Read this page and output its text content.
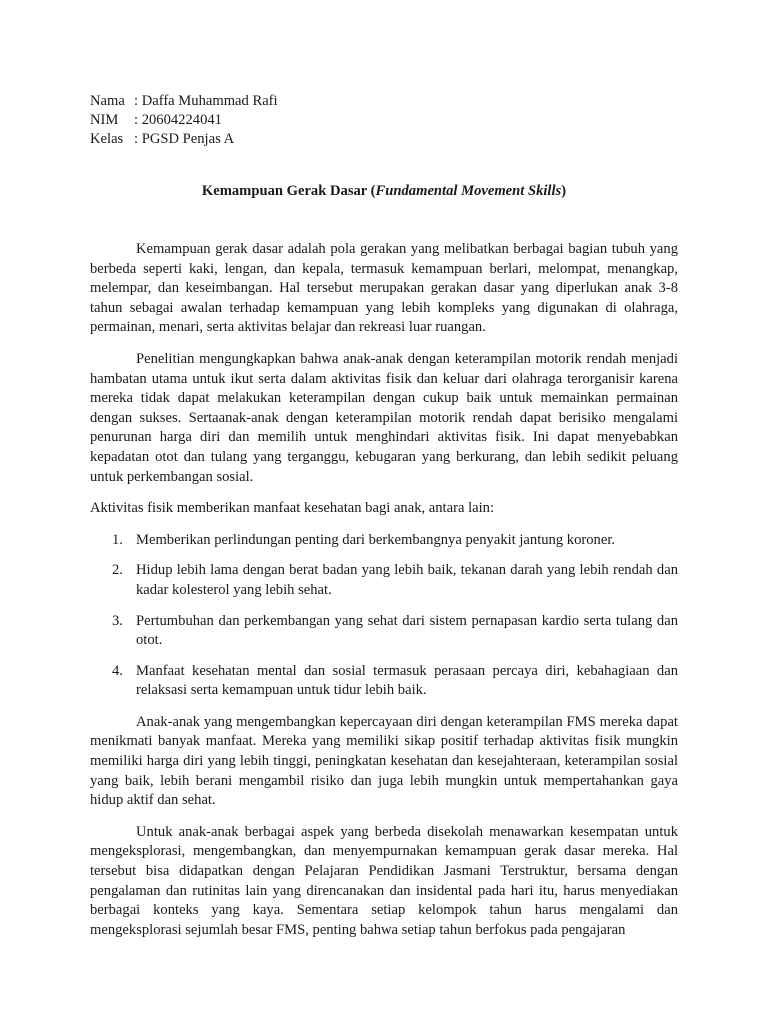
Nama : Daffa Muhammad Rafi
NIM	: 20604224041
Kelas : PGSD Penjas A
Kemampuan Gerak Dasar (Fundamental Movement Skills)

Kemampuan gerak dasar adalah pola gerakan yang melibatkan berbagai bagian tubuh yang berbeda seperti kaki, lengan, dan kepala, termasuk kemampuan berlari, melompat, menangkap, melempar, dan keseimbangan. Hal tersebut merupakan gerakan dasar yang diperlukan anak 3-8 tahun sebagai awalan terhadap kemampuan yang lebih kompleks yang digunakan di olahraga, permainan, menari, serta aktivitas belajar dan rekreasi luar ruangan.

Penelitian mengungkapkan bahwa anak-anak dengan keterampilan motorik rendah menjadi hambatan utama untuk ikut serta dalam aktivitas fisik dan keluar dari olahraga terorganisir karena mereka tidak dapat melakukan keterampilan dengan cukup baik untuk memainkan permainan dengan sukses. Sertaanak-anak dengan keterampilan motorik rendah dapat berisiko mengalami penurunan harga diri dan memilih untuk menghindari aktivitas fisik. Ini dapat menyebabkan kepadatan otot dan tulang yang terganggu, kebugaran yang berkurang, dan lebih sedikit peluang untuk perkembangan sosial.

Aktivitas fisik memberikan manfaat kesehatan bagi anak, antara lain:

1. Memberikan perlindungan penting dari berkembangnya penyakit jantung koroner.
2. Hidup lebih lama dengan berat badan yang lebih baik, tekanan darah yang lebih rendah dan kadar kolesterol yang lebih sehat.
3. Pertumbuhan dan perkembangan yang sehat dari sistem pernapasan kardio serta tulang dan otot.
4. Manfaat kesehatan mental dan sosial termasuk perasaan percaya diri, kebahagiaan dan relaksasi serta kemampuan untuk tidur lebih baik.

Anak-anak yang mengembangkan kepercayaan diri dengan keterampilan FMS mereka dapat menikmati banyak manfaat. Mereka yang memiliki sikap positif terhadap aktivitas fisik mungkin memiliki harga diri yang lebih tinggi, peningkatan kesehatan dan kesejahteraan, keterampilan sosial yang baik, lebih berani mengambil risiko dan juga lebih mungkin untuk mempertahankan gaya hidup aktif dan sehat.

Untuk anak-anak berbagai aspek yang berbeda disekolah menawarkan kesempatan untuk mengeksplorasi, mengembangkan, dan menyempurnakan kemampuan gerak dasar mereka. Hal tersebut bisa didapatkan dengan Pelajaran Pendidikan Jasmani Terstruktur, bersama dengan pengalaman dan rutinitas lain yang direncanakan dan insidental pada hari itu, harus menyediakan berbagai konteks yang kaya. Sementara setiap kelompok tahun harus mengalami dan mengeksplorasi sejumlah besar FMS, penting bahwa setiap tahun berfokus pada pengajaran
